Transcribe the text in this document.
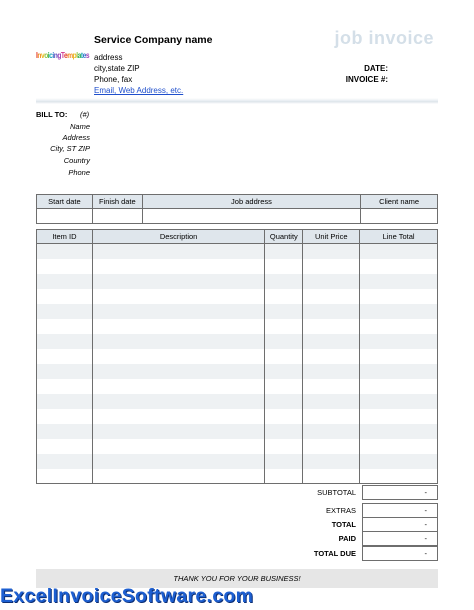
InvoicingTemplates
Service Company name
address
city,state ZIP
Phone, fax
Email, Web Address, etc.
job invoice
DATE:
INVOICE #:
BILL TO: (#)
Name
Address
City, ST ZIP
Country
Phone
Start date	Finish date	Job address	Client name

Item ID	Description	Quantity	Unit Price	Line Total

SUBTOTAL	-
EXTRAS	-
TOTAL	-
PAID	-
TOTAL DUE	-
THANK YOU FOR YOUR BUSINESS!
ExcelInvoiceSoftware.com
